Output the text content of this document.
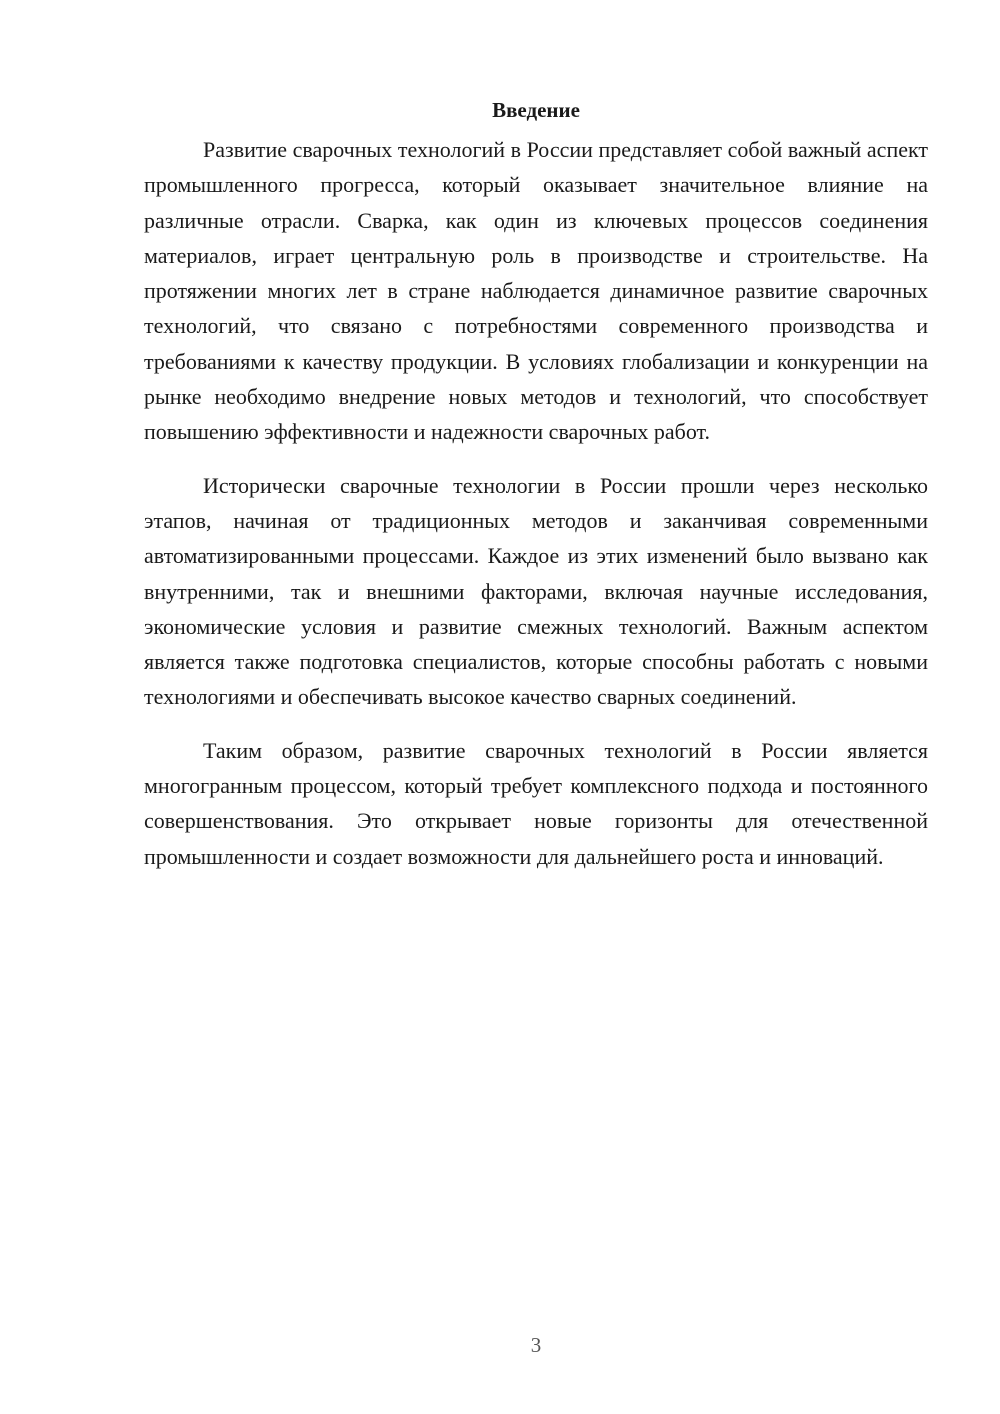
Введение

Развитие сварочных технологий в России представляет собой важный аспект промышленного прогресса, который оказывает значительное влияние на различные отрасли. Сварка, как один из ключевых процессов соединения материалов, играет центральную роль в производстве и строительстве. На протяжении многих лет в стране наблюдается динамичное развитие сварочных технологий, что связано с потребностями современного производства и требованиями к качеству продукции. В условиях глобализации и конкуренции на рынке необходимо внедрение новых методов и технологий, что способствует повышению эффективности и надежности сварочных работ.

Исторически сварочные технологии в России прошли через несколько этапов, начиная от традиционных методов и заканчивая современными автоматизированными процессами. Каждое из этих изменений было вызвано как внутренними, так и внешними факторами, включая научные исследования, экономические условия и развитие смежных технологий. Важным аспектом является также подготовка специалистов, которые способны работать с новыми технологиями и обеспечивать высокое качество сварных соединений.

Таким образом, развитие сварочных технологий в России является многогранным процессом, который требует комплексного подхода и постоянного совершенствования. Это открывает новые горизонты для отечественной промышленности и создает возможности для дальнейшего роста и инноваций.

3
